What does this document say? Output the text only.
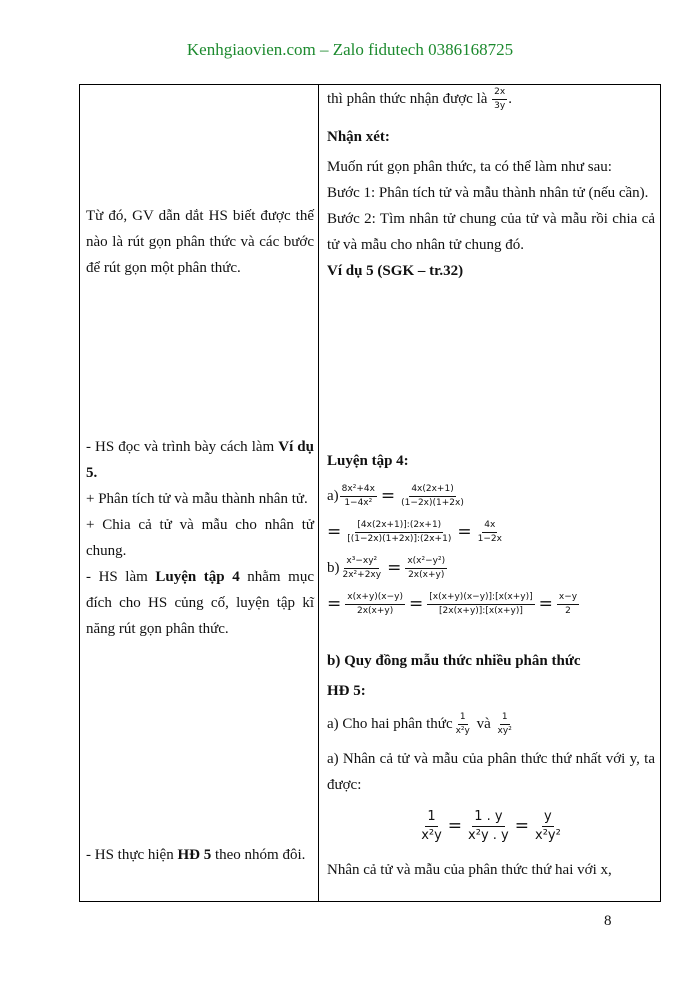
Kenhgiaovien.com – Zalo fidutech 0386168725
Từ đó, GV dẫn dắt HS biết được thế nào là rút gọn phân thức và các bước để rút gọn một phân thức.

- HS đọc và trình bày cách làm Ví dụ 5.

+ Phân tích tử và mẫu thành nhân tử.

+ Chia cả tử và mẫu cho nhân tử chung.

- HS làm Luyện tập 4 nhằm mục đích cho HS củng cố, luyện tập kĩ năng rút gọn phân thức.

- HS thực hiện HĐ 5 theo nhóm đôi.
thì phân thức nhận được là $\frac{2x}{3y}$ .

Nhận xét:

Muốn rút gọn phân thức, ta có thể làm như sau:

Bước 1: Phân tích tử và mẫu thành nhân tử (nếu cần).

Bước 2: Tìm nhân tử chung của tử và mẫu rồi chia cả tử và mẫu cho nhân tử chung đó.

Ví dụ 5 (SGK – tr.32)

Luyện tập 4:
$a) \frac{\text{8x²+4x}}{\text{1−4x²}} = \frac{4x(2x+1)}{(1-2x)(1+2x)}$
= $\frac{[4x(2x+1)]:(2x+1)}{[(1-2x)(1+2x)]:(2x+1)} = \frac{4x}{1-2x}$
$b) \frac{\text{x³−xy²}}{\text{2x²+2xy}} = \frac{\text{x(x²−y²)}}{2x(x+y)}$
= $\frac{x(x+y)(x-y)}{2x(x+y)} = \frac{[x(x+y)(x-y)]:[x(x+y)]}{[2x(x+y)]:[x(x+y)]} = \frac{x-y}{2}$
b) Quy đồng mẫu thức nhiều phân thức
HĐ 5:
a) Cho hai phân thức 1
x²y và 1
xy²
a) Nhân cả tử và mẫu của phân thức thứ nhất với y, ta được:
$\frac{1}{\text{x²y}} = \frac{1 . y}{\text{x²y . y}} = \frac{y}{\text{x²y²}}$
Nhân cả tử và mẫu của phân thức thứ hai với x,
8
